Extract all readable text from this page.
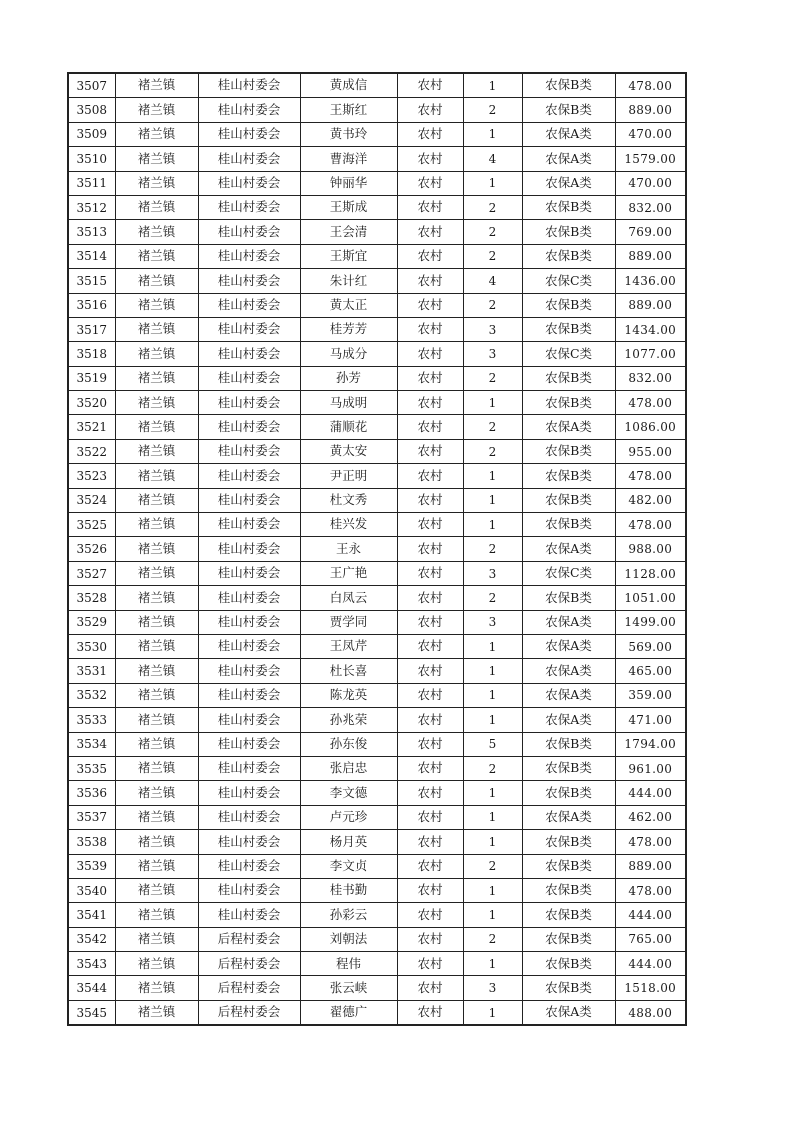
3507	褚兰镇	桂山村委会	黄成信	农村	1	农保B类	478.00
3508	褚兰镇	桂山村委会	王斯红	农村	2	农保B类	889.00
3509	褚兰镇	桂山村委会	黄书玲	农村	1	农保A类	470.00
3510	褚兰镇	桂山村委会	曹海洋	农村	4	农保A类	1579.00
3511	褚兰镇	桂山村委会	钟丽华	农村	1	农保A类	470.00
3512	褚兰镇	桂山村委会	王斯成	农村	2	农保B类	832.00
3513	褚兰镇	桂山村委会	王会清	农村	2	农保B类	769.00
3514	褚兰镇	桂山村委会	王斯宜	农村	2	农保B类	889.00
3515	褚兰镇	桂山村委会	朱计红	农村	4	农保C类	1436.00
3516	褚兰镇	桂山村委会	黄太正	农村	2	农保B类	889.00
3517	褚兰镇	桂山村委会	桂芳芳	农村	3	农保B类	1434.00
3518	褚兰镇	桂山村委会	马成分	农村	3	农保C类	1077.00
3519	褚兰镇	桂山村委会	孙芳	农村	2	农保B类	832.00
3520	褚兰镇	桂山村委会	马成明	农村	1	农保B类	478.00
3521	褚兰镇	桂山村委会	蒲顺花	农村	2	农保A类	1086.00
3522	褚兰镇	桂山村委会	黄太安	农村	2	农保B类	955.00
3523	褚兰镇	桂山村委会	尹正明	农村	1	农保B类	478.00
3524	褚兰镇	桂山村委会	杜文秀	农村	1	农保B类	482.00
3525	褚兰镇	桂山村委会	桂兴发	农村	1	农保B类	478.00
3526	褚兰镇	桂山村委会	王永	农村	2	农保A类	988.00
3527	褚兰镇	桂山村委会	王广艳	农村	3	农保C类	1128.00
3528	褚兰镇	桂山村委会	白凤云	农村	2	农保B类	1051.00
3529	褚兰镇	桂山村委会	贾学同	农村	3	农保A类	1499.00
3530	褚兰镇	桂山村委会	王凤芹	农村	1	农保A类	569.00
3531	褚兰镇	桂山村委会	杜长喜	农村	1	农保A类	465.00
3532	褚兰镇	桂山村委会	陈龙英	农村	1	农保A类	359.00
3533	褚兰镇	桂山村委会	孙兆荣	农村	1	农保A类	471.00
3534	褚兰镇	桂山村委会	孙东俊	农村	5	农保B类	1794.00
3535	褚兰镇	桂山村委会	张启忠	农村	2	农保B类	961.00
3536	褚兰镇	桂山村委会	李文德	农村	1	农保B类	444.00
3537	褚兰镇	桂山村委会	卢元珍	农村	1	农保A类	462.00
3538	褚兰镇	桂山村委会	杨月英	农村	1	农保B类	478.00
3539	褚兰镇	桂山村委会	李文贞	农村	2	农保B类	889.00
3540	褚兰镇	桂山村委会	桂书勤	农村	1	农保B类	478.00
3541	褚兰镇	桂山村委会	孙彩云	农村	1	农保B类	444.00
3542	褚兰镇	后程村委会	刘朝法	农村	2	农保B类	765.00
3543	褚兰镇	后程村委会	程伟	农村	1	农保B类	444.00
3544	褚兰镇	后程村委会	张云峡	农村	3	农保B类	1518.00
3545	褚兰镇	后程村委会	翟德广	农村	1	农保A类	488.00
